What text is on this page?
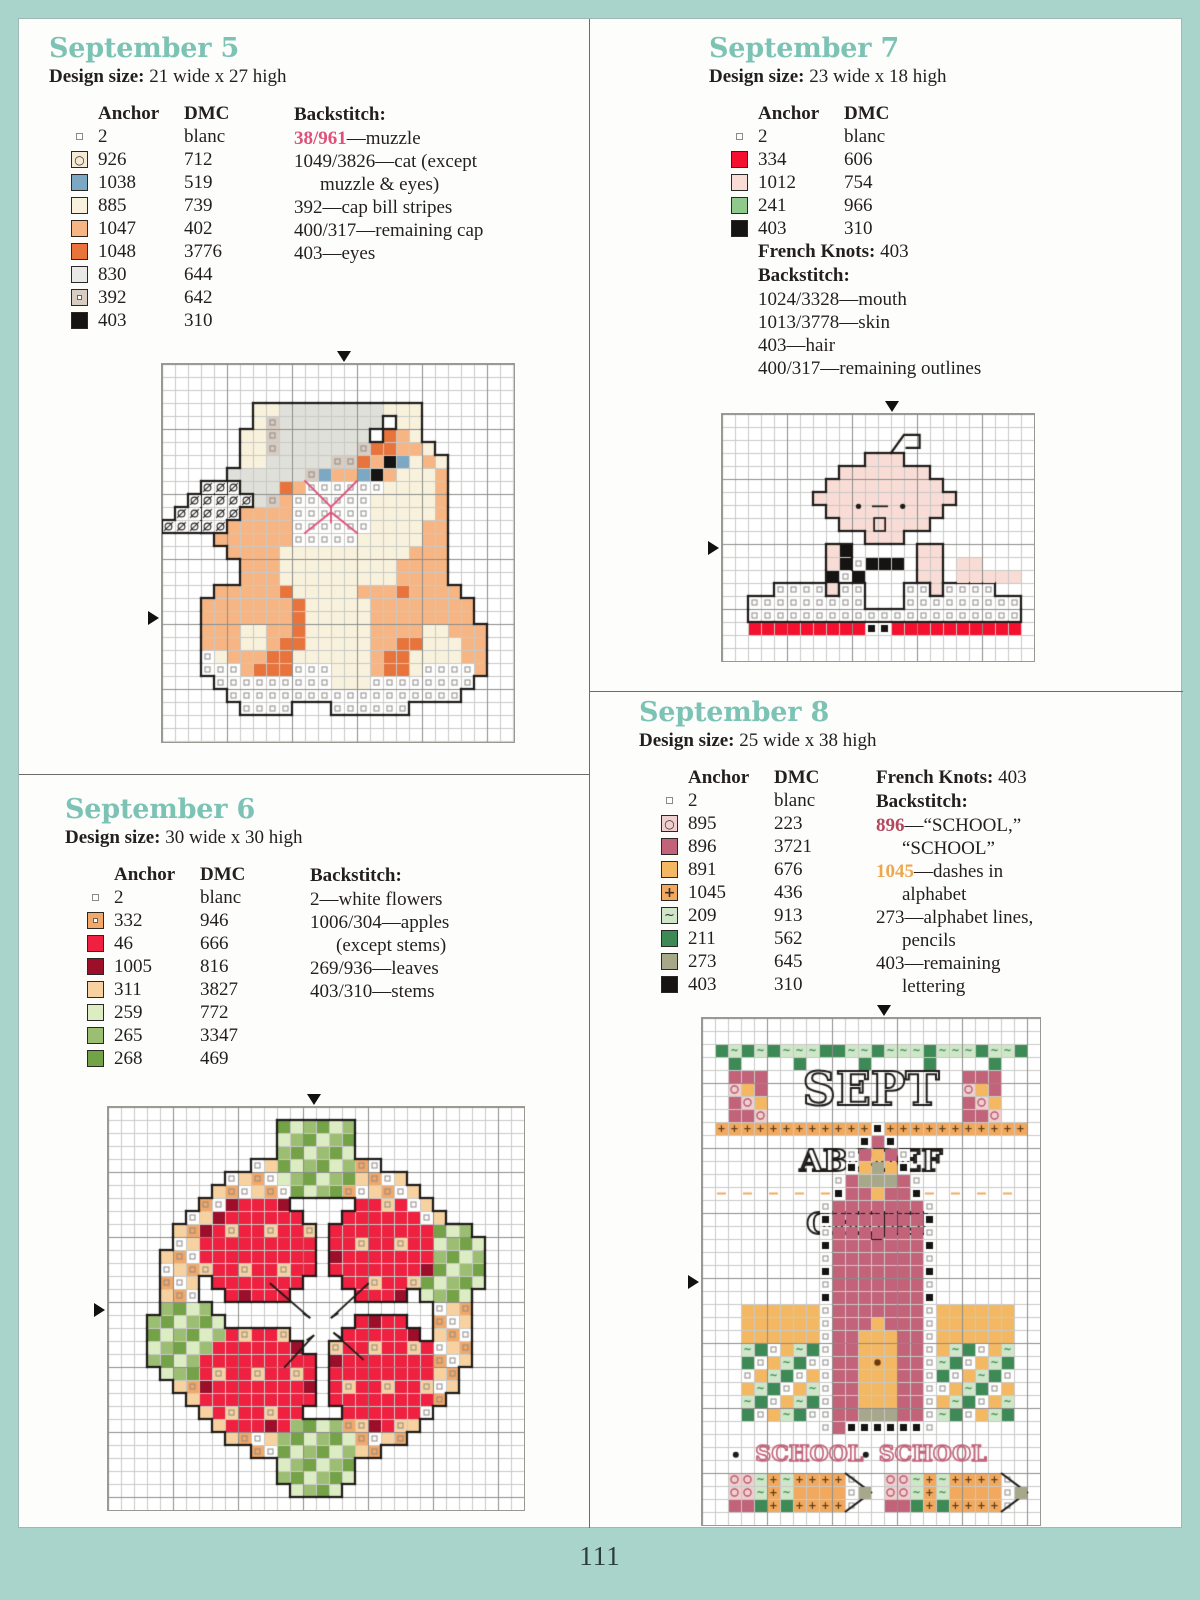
September 5
Design size: 21 wide x 27 high
Anchor	DMC
2	blanc
○ 926	712
1038	519
885	739
1047	402
1048	3776
830	644
392	642
403	310
Backstitch:
38/961—muzzle
1049/3826—cat (except
muzzle & eyes)
392—cap bill stripes
400/317—remaining cap
403—eyes
September 6
Design size: 30 wide x 30 high
Anchor	DMC
2	blanc
332	946
46	666
1005	816
311	3827
259	772
265	3347
268	469
Backstitch:
2—white flowers
1006/304—apples
(except stems)
269/936—leaves
403/310—stems
September 7
Design size: 23 wide x 18 high
Anchor	DMC
2	blanc
334	606
1012	754
241	966
403	310
French Knots: 403
Backstitch:
1024/3328—mouth
1013/3778—skin
403—hair
400/317—remaining outlines
September 8
Design size: 25 wide x 38 high
Anchor	DMC
2	blanc
○ 895	223
896	3721
891	676
+ 1045	436
~ 209	913
211	562
273	645
403	310
French Knots: 403
Backstitch:
896—“SCHOOL,”
“SCHOOL”
1045—dashes in
alphabet
273—alphabet lines,
pencils
403—remaining
lettering
111
